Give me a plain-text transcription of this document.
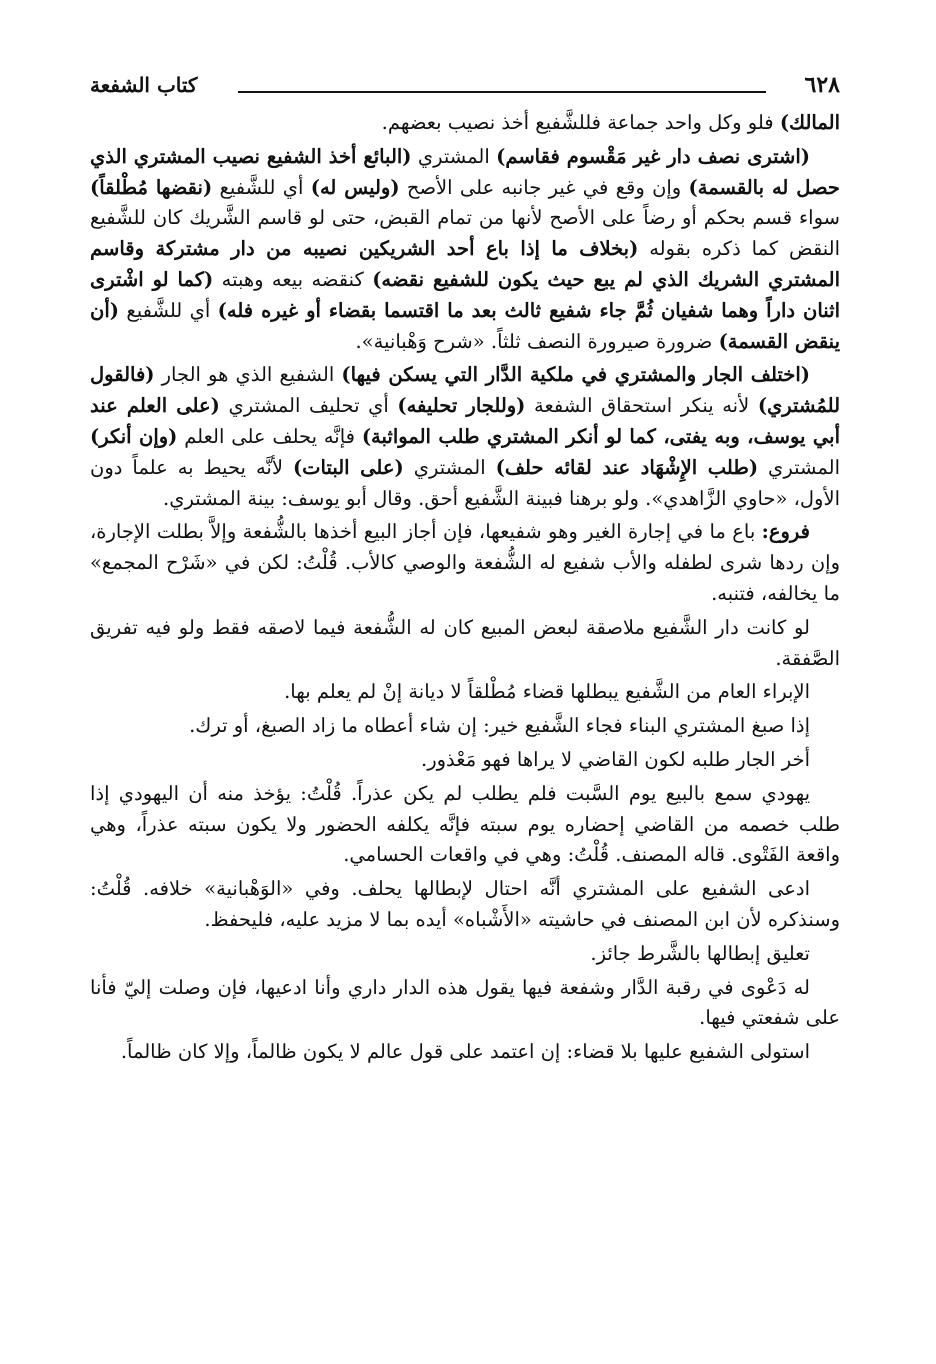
٦٢٨
كتاب الشفعة

المالك) فلو وكل واحد جماعة فللشَّفيع أخذ نصيب بعضهم.

(اشترى نصف دار غير مَقْسوم فقاسم) المشتري (البائع أخذ الشفيع نصيب المشتري الذي حصل له بالقسمة) وإن وقع في غير جانبه على الأصح (وليس له) أي للشَّفيع (نقضها مُطْلقاً) سواء قسم بحكم أو رضاً على الأصح لأنها من تمام القبض، حتى لو قاسم الشَّريك كان للشَّفيع النقض كما ذكره بقوله (بخلاف ما إذا باع أحد الشريكين نصيبه من دار مشتركة وقاسم المشتري الشريك الذي لم يبع حيث يكون للشفيع نقضه) كنقضه بيعه وهبته (كما لو اشْترى اثنان داراً وهما شفيان ثُمَّ جاء شفيع ثالث بعد ما اقتسما بقضاء أو غيره فله) أي للشَّفيع (أن ينقض القسمة) ضرورة صيرورة النصف ثلثاً. «شرح وَهْبانية».

(اختلف الجار والمشتري في ملكية الدَّار التي يسكن فيها) الشفيع الذي هو الجار (فالقول للمُشتري) لأنه ينكر استحقاق الشفعة (وللجار تحليفه) أي تحليف المشتري (على العلم عند أبي يوسف، وبه يفتى، كما لو أنكر المشتري طلب المواثبة) فإنَّه يحلف على العلم (وإن أنكر) المشتري (طلب الإِشْهَاد عند لقائه حلف) المشتري (على البتات) لأنَّه يحيط به علماً دون الأول، «حاوي الزَّاهدي». ولو برهنا فبينة الشَّفيع أحق. وقال أبو يوسف: بينة المشتري.

فروع: باع ما في إجارة الغير وهو شفيعها، فإن أجاز البيع أخذها بالشُّفعة وإلاَّ بطلت الإجارة، وإن ردها شرى لطفله والأب شفيع له الشُّفعة والوصي كالأب. قُلْتُ: لكن في «شَرْح المجمع» ما يخالفه، فتنبه.

لو كانت دار الشَّفيع ملاصقة لبعض المبيع كان له الشُّفعة فيما لاصقه فقط ولو فيه تفريق الصَّفقة.

الإبراء العام من الشَّفيع يبطلها قضاء مُطْلقاً لا ديانة إنْ لم يعلم بها.

إذا صبغ المشتري البناء فجاء الشَّفيع خير: إن شاء أعطاه ما زاد الصبغ، أو ترك.

أخر الجار طلبه لكون القاضي لا يراها فهو مَعْذور.

يهودي سمع بالبيع يوم السَّبت فلم يطلب لم يكن عذراً. قُلْتُ: يؤخذ منه أن اليهودي إذا طلب خصمه من القاضي إحضاره يوم سبته فإنَّه يكلفه الحضور ولا يكون سبته عذراً، وهي واقعة الفَتْوى. قاله المصنف. قُلْتُ: وهي في واقعات الحسامي.

ادعى الشفيع على المشتري أنَّه احتال لإبطالها يحلف. وفي «الوَهْبانية» خلافه. قُلْتُ: وسنذكره لأن ابن المصنف في حاشيته «الأَشْباه» أيده بما لا مزيد عليه، فليحفظ.

تعليق إبطالها بالشَّرط جائز.

له دَعْوى في رقبة الدَّار وشفعة فيها يقول هذه الدار داري وأنا ادعيها، فإن وصلت إليّ فأنا على شفعتي فيها.

استولى الشفيع عليها بلا قضاء: إن اعتمد على قول عالم لا يكون ظالماً، وإلا كان ظالماً.
